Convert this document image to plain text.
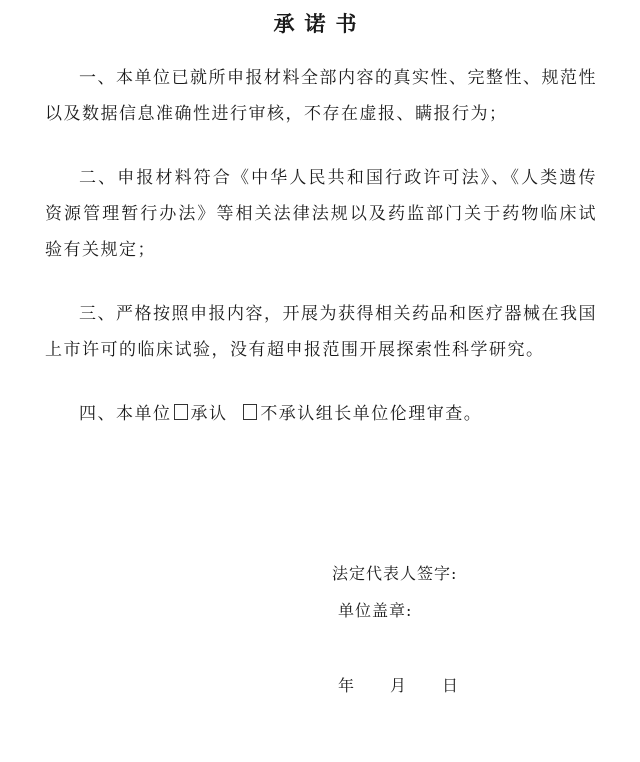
承诺书

一、本单位已就所申报材料全部内容的真实性、完整性、规范性以及数据信息准确性进行审核，不存在虚报、瞒报行为；

二、申报材料符合《中华人民共和国行政许可法》、《人类遗传资源管理暂行办法》等相关法律法规以及药监部门关于药物临床试验有关规定；

三、严格按照申报内容，开展为获得相关药品和医疗器械在我国上市许可的临床试验，没有超申报范围开展探索性科学研究。

四、本单位 承认 不承认组长单位伦理审查。

法定代表人签字:
单位盖章:
年 月 日
